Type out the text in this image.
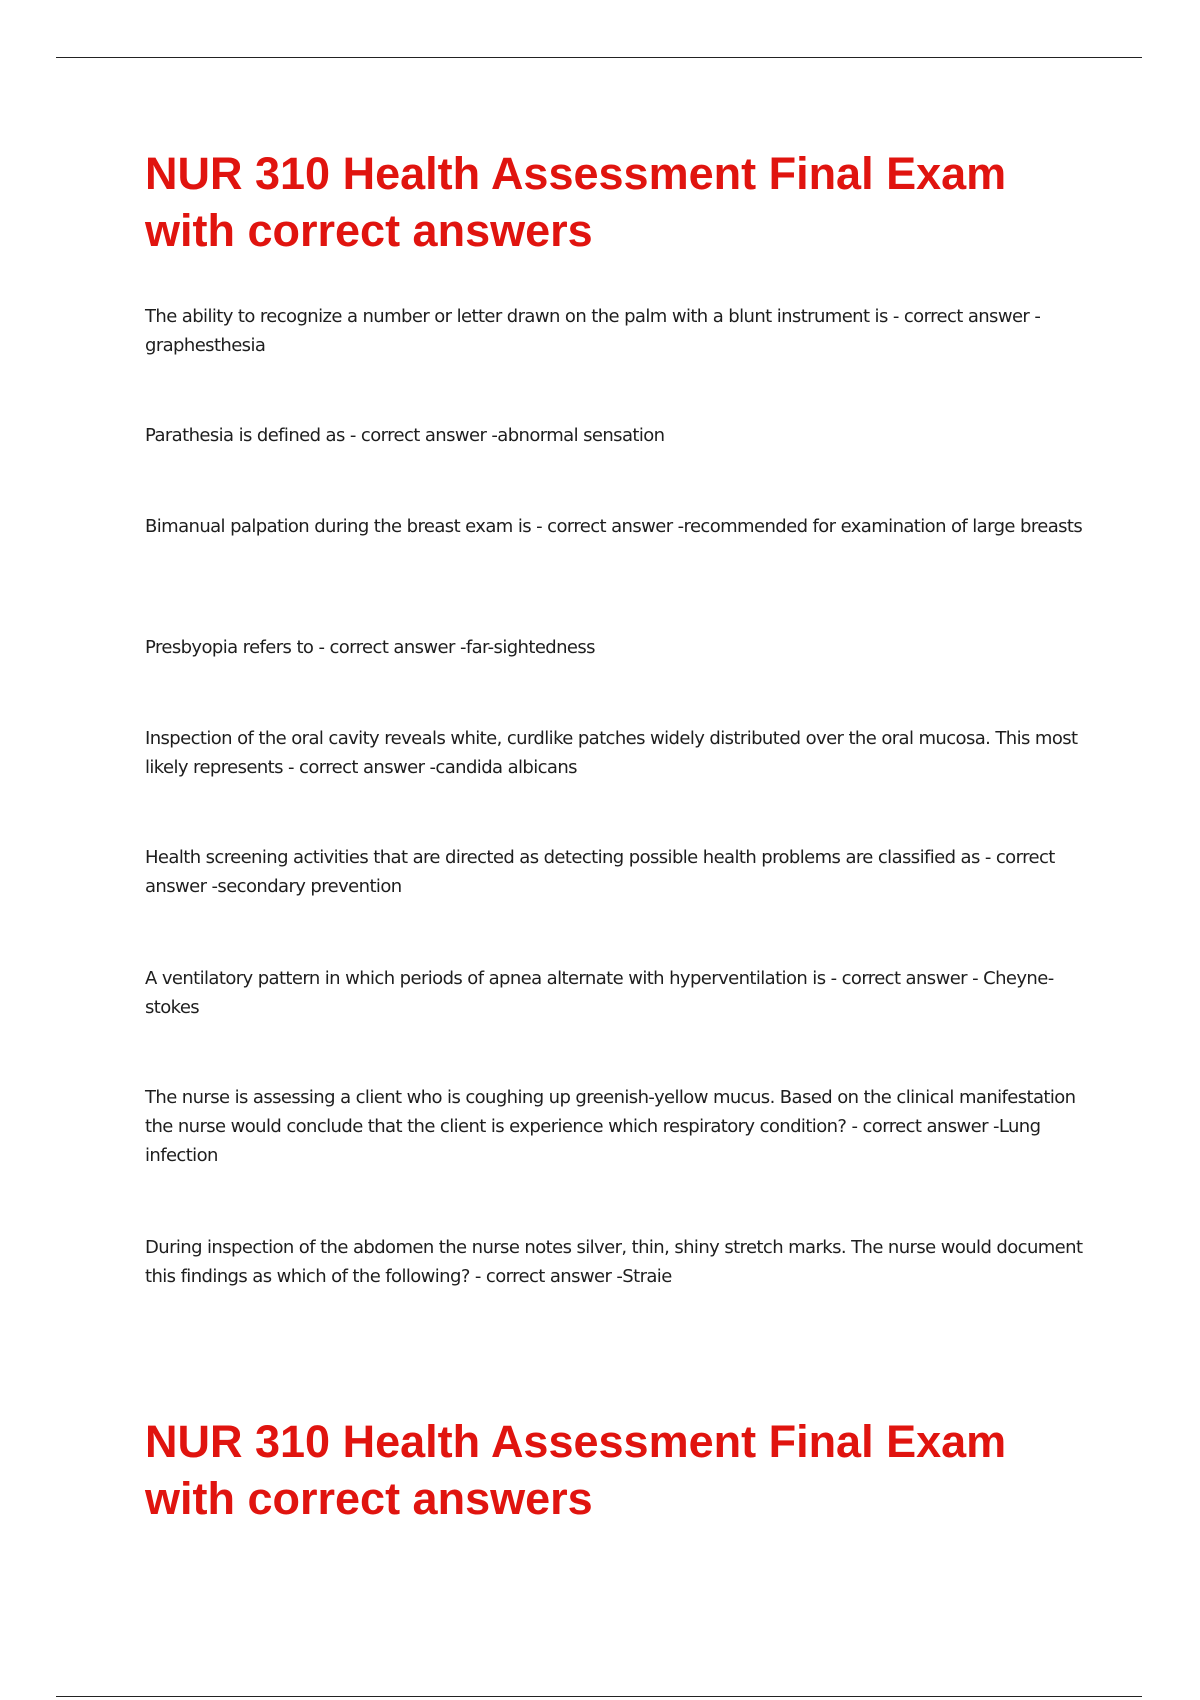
NUR 310 Health Assessment Final Exam with correct answers

The ability to recognize a number or letter drawn on the palm with a blunt instrument is - correct answer -graphesthesia

Parathesia is defined as - correct answer -abnormal sensation

Bimanual palpation during the breast exam is - correct answer -recommended for examination of large breasts

Presbyopia refers to - correct answer -far-sightedness

Inspection of the oral cavity reveals white, curdlike patches widely distributed over the oral mucosa. This most likely represents - correct answer -candida albicans

Health screening activities that are directed as detecting possible health problems are classified as - correct answer -secondary prevention

A ventilatory pattern in which periods of apnea alternate with hyperventilation is - correct answer - Cheyne-stokes

The nurse is assessing a client who is coughing up greenish-yellow mucus. Based on the clinical manifestation the nurse would conclude that the client is experience which respiratory condition? - correct answer -Lung infection

During inspection of the abdomen the nurse notes silver, thin, shiny stretch marks. The nurse would document this findings as which of the following? - correct answer -Straie

NUR 310 Health Assessment Final Exam with correct answers
